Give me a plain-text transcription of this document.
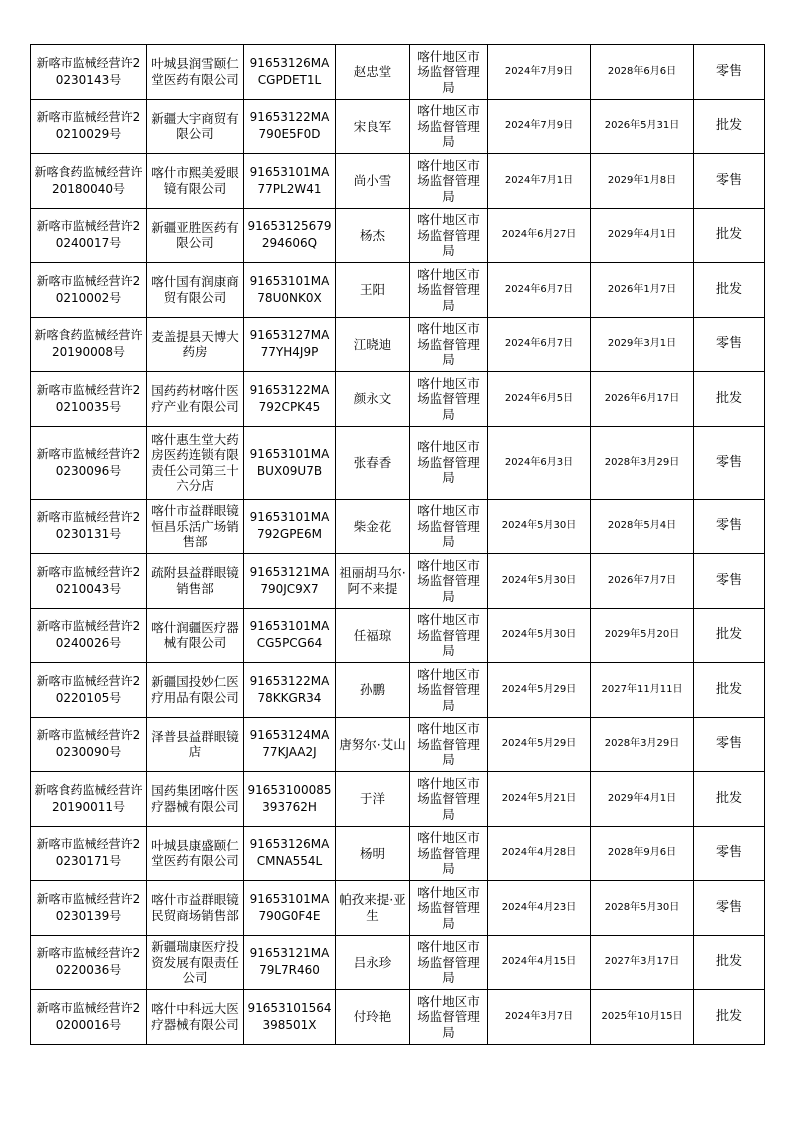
新喀市监械经营许20230143号	叶城县润雪颐仁堂医药有限公司	91653126MACGPDET1L	赵忠堂	喀什地区市场监督管理局	2024年7月9日	2028年6月6日	零售
新喀市监械经营许20210029号	新疆大宇商贸有限公司	91653122MA790E5F0D	宋良军	喀什地区市场监督管理局	2024年7月9日	2026年5月31日	批发
新喀食药监械经营许20180040号	喀什市熙美爱眼镜有限公司	91653101MA77PL2W41	尚小雪	喀什地区市场监督管理局	2024年7月1日	2029年1月8日	零售
新喀市监械经营许20240017号	新疆亚胜医药有限公司	91653125679294606Q	杨杰	喀什地区市场监督管理局	2024年6月27日	2029年4月1日	批发
新喀市监械经营许20210002号	喀什国有润康商贸有限公司	91653101MA78U0NK0X	王阳	喀什地区市场监督管理局	2024年6月7日	2026年1月7日	批发
新喀食药监械经营许20190008号	麦盖提县天博大药房	91653127MA77YH4J9P	江晓迪	喀什地区市场监督管理局	2024年6月7日	2029年3月1日	零售
新喀市监械经营许20210035号	国药药材喀什医疗产业有限公司	91653122MA792CPK45	颜永文	喀什地区市场监督管理局	2024年6月5日	2026年6月17日	批发
新喀市监械经营许20230096号	喀什惠生堂大药房医药连锁有限责任公司第三十六分店	91653101MABUX09U7B	张春香	喀什地区市场监督管理局	2024年6月3日	2028年3月29日	零售
新喀市监械经营许20230131号	喀什市益群眼镜恒昌乐活广场销售部	91653101MA792GPE6M	柴金花	喀什地区市场监督管理局	2024年5月30日	2028年5月4日	零售
新喀市监械经营许20210043号	疏附县益群眼镜销售部	91653121MA790JC9X7	祖丽胡马尔·阿不来提	喀什地区市场监督管理局	2024年5月30日	2026年7月7日	零售
新喀市监械经营许20240026号	喀什润疆医疗器械有限公司	91653101MACG5PCG64	任福琼	喀什地区市场监督管理局	2024年5月30日	2029年5月20日	批发
新喀市监械经营许20220105号	新疆国投妙仁医疗用品有限公司	91653122MA78KKGR34	孙鹏	喀什地区市场监督管理局	2024年5月29日	2027年11月11日	批发
新喀市监械经营许20230090号	泽普县益群眼镜店	91653124MA77KJAA2J	唐努尔·艾山	喀什地区市场监督管理局	2024年5月29日	2028年3月29日	零售
新喀食药监械经营许20190011号	国药集团喀什医疗器械有限公司	91653100085393762H	于洋	喀什地区市场监督管理局	2024年5月21日	2029年4月1日	批发
新喀市监械经营许20230171号	叶城县康盛颐仁堂医药有限公司	91653126MACMNA554L	杨明	喀什地区市场监督管理局	2024年4月28日	2028年9月6日	零售
新喀市监械经营许20230139号	喀什市益群眼镜民贸商场销售部	91653101MA790G0F4E	帕孜来提·亚生	喀什地区市场监督管理局	2024年4月23日	2028年5月30日	零售
新喀市监械经营许20220036号	新疆瑞康医疗投资发展有限责任公司	91653121MA79L7R460	吕永珍	喀什地区市场监督管理局	2024年4月15日	2027年3月17日	批发
新喀市监械经营许20200016号	喀什中科远大医疗器械有限公司	91653101564398501X	付玲艳	喀什地区市场监督管理局	2024年3月7日	2025年10月15日	批发
